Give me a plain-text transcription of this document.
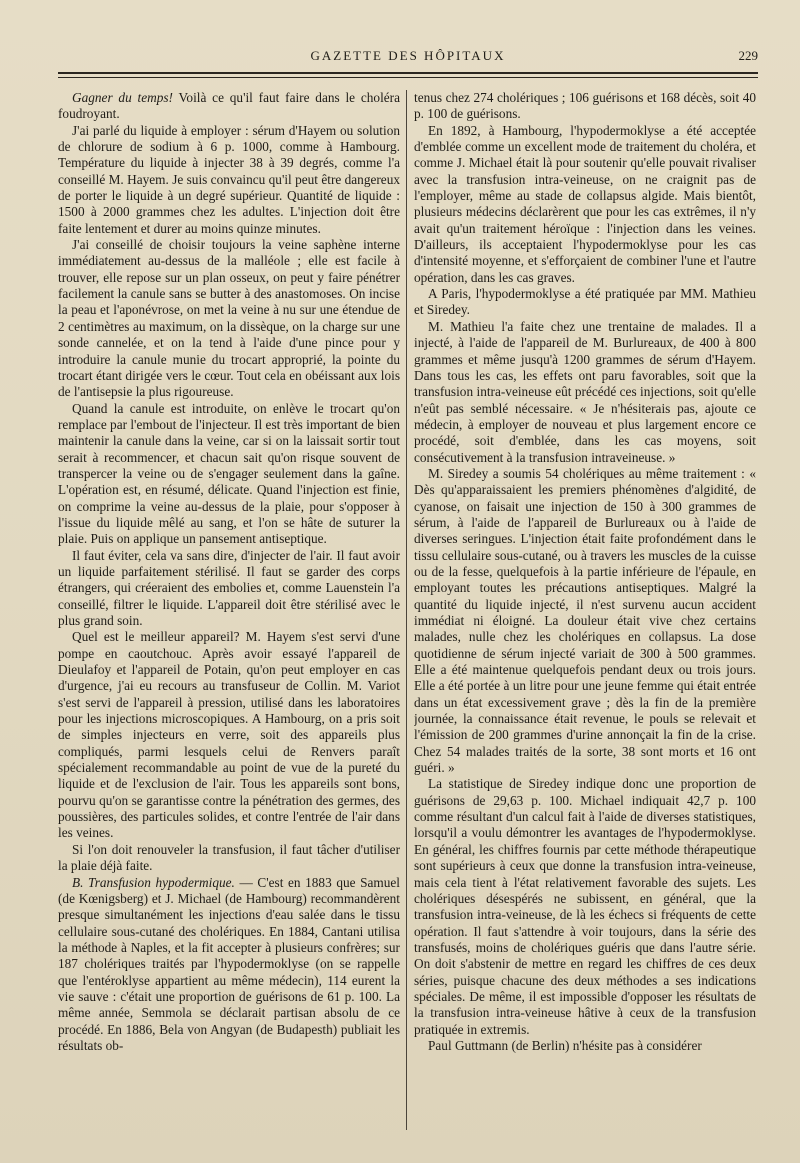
GAZETTE DES HÔPITAUX	229

Gagner du temps! Voilà ce qu'il faut faire dans le choléra foudroyant.

J'ai parlé du liquide à employer : sérum d'Hayem ou solution de chlorure de sodium à 6 p. 1000, comme à Hambourg. Température du liquide à injecter 38 à 39 degrés, comme l'a conseillé M. Hayem. Je suis convaincu qu'il peut être dangereux de porter le liquide à un degré supérieur. Quantité de liquide : 1500 à 2000 grammes chez les adultes. L'injection doit être faite lentement et durer au moins quinze minutes.

J'ai conseillé de choisir toujours la veine saphène interne immédiatement au-dessus de la malléole ; elle est facile à trouver, elle repose sur un plan osseux, on peut y faire pénétrer facilement la canule sans se butter à des anastomoses. On incise la peau et l'aponévrose, on met la veine à nu sur une étendue de 2 centimètres au maximum, on la dissèque, on la charge sur une sonde cannelée, et on la tend à l'aide d'une pince pour y introduire la canule munie du trocart approprié, la pointe du trocart étant dirigée vers le cœur. Tout cela en obéissant aux lois de l'antisepsie la plus rigoureuse.

Quand la canule est introduite, on enlève le trocart qu'on remplace par l'embout de l'injecteur. Il est très important de bien maintenir la canule dans la veine, car si on la laissait sortir tout serait à recommencer, et chacun sait qu'on risque souvent de transpercer la veine ou de s'engager seulement dans la gaîne. L'opération est, en résumé, délicate. Quand l'injection est finie, on comprime la veine au-dessus de la plaie, pour s'opposer à l'issue du liquide mêlé au sang, et l'on se hâte de suturer la plaie. Puis on applique un pansement antiseptique.

Il faut éviter, cela va sans dire, d'injecter de l'air. Il faut avoir un liquide parfaitement stérilisé. Il faut se garder des corps étrangers, qui créeraient des embolies et, comme Lauenstein l'a conseillé, filtrer le liquide. L'appareil doit être stérilisé avec le plus grand soin.

Quel est le meilleur appareil? M. Hayem s'est servi d'une pompe en caoutchouc. Après avoir essayé l'appareil de Dieulafoy et l'appareil de Potain, qu'on peut employer en cas d'urgence, j'ai eu recours au transfuseur de Collin. M. Variot s'est servi de l'appareil à pression, utilisé dans les laboratoires pour les injections microscopiques. A Hambourg, on a pris soit de simples injecteurs en verre, soit des appareils plus compliqués, parmi lesquels celui de Renvers paraît spécialement recommandable au point de vue de la pureté du liquide et de l'exclusion de l'air. Tous les appareils sont bons, pourvu qu'on se garantisse contre la pénétration des germes, des poussières, des particules solides, et contre l'entrée de l'air dans les veines.

Si l'on doit renouveler la transfusion, il faut tâcher d'utiliser la plaie déjà faite.

B. Transfusion hypodermique. — C'est en 1883 que Samuel (de Kœnigsberg) et J. Michael (de Hambourg) recommandèrent presque simultanément les injections d'eau salée dans le tissu cellulaire sous-cutané des cholériques. En 1884, Cantani utilisa la méthode à Naples, et la fit accepter à plusieurs confrères; sur 187 cholériques traités par l'hypodermoklyse (on se rappelle que l'entéroklyse appartient au même médecin), 114 eurent la vie sauve : c'était une proportion de guérisons de 61 p. 100. La même année, Semmola se déclarait partisan absolu de ce procédé. En 1886, Bela von Angyan (de Budapesth) publiait les résultats ob-

tenus chez 274 cholériques ; 106 guérisons et 168 décès, soit 40 p. 100 de guérisons.

En 1892, à Hambourg, l'hypodermoklyse a été acceptée d'emblée comme un excellent mode de traitement du choléra, et comme J. Michael était là pour soutenir qu'elle pouvait rivaliser avec la transfusion intra-veineuse, on ne craignit pas de l'employer, même au stade de collapsus algide. Mais bientôt, plusieurs médecins déclarèrent que pour les cas extrêmes, il n'y avait qu'un traitement héroïque : l'injection dans les veines. D'ailleurs, ils acceptaient l'hypodermoklyse pour les cas d'intensité moyenne, et s'efforçaient de combiner l'une et l'autre opération, dans les cas graves.

A Paris, l'hypodermoklyse a été pratiquée par MM. Mathieu et Siredey.

M. Mathieu l'a faite chez une trentaine de malades. Il a injecté, à l'aide de l'appareil de M. Burlureaux, de 400 à 800 grammes et même jusqu'à 1200 grammes de sérum d'Hayem. Dans tous les cas, les effets ont paru favorables, soit que la transfusion intra-veineuse eût précédé ces injections, soit qu'elle n'eût pas semblé nécessaire. « Je n'hésiterais pas, ajoute ce médecin, à employer de nouveau et plus largement encore ce procédé, soit d'emblée, dans les cas moyens, soit consécutivement à la transfusion intraveineuse. »

M. Siredey a soumis 54 cholériques au même traitement : « Dès qu'apparaissaient les premiers phénomènes d'algidité, de cyanose, on faisait une injection de 150 à 300 grammes de sérum, à l'aide de l'appareil de Burlureaux ou à l'aide de diverses seringues. L'injection était faite profondément dans le tissu cellulaire sous-cutané, ou à travers les muscles de la cuisse ou de la fesse, quelquefois à la partie inférieure de l'épaule, en employant toutes les précautions antiseptiques. Malgré la quantité du liquide injecté, il n'est survenu aucun accident immédiat ni éloigné. La douleur était vive chez certains malades, nulle chez les cholériques en collapsus. La dose quotidienne de sérum injecté variait de 300 à 500 grammes. Elle a été maintenue quelquefois pendant deux ou trois jours. Elle a été portée à un litre pour une jeune femme qui était entrée dans un état excessivement grave ; dès la fin de la première journée, la connaissance était revenue, le pouls se relevait et l'émission de 200 grammes d'urine annonçait la fin de la crise. Chez 54 malades traités de la sorte, 38 sont morts et 16 ont guéri. »

La statistique de Siredey indique donc une proportion de guérisons de 29,63 p. 100. Michael indiquait 42,7 p. 100 comme résultant d'un calcul fait à l'aide de diverses statistiques, lorsqu'il a voulu démontrer les avantages de l'hypodermoklyse. En général, les chiffres fournis par cette méthode thérapeutique sont supérieurs à ceux que donne la transfusion intra-veineuse, mais cela tient à l'état relativement favorable des sujets. Les cholériques désespérés ne subissent, en général, que la transfusion intra-veineuse, de là les échecs si fréquents de cette opération. Il faut s'attendre à voir toujours, dans la série des transfusés, moins de cholériques guéris que dans l'autre série. On doit s'abstenir de mettre en regard les chiffres de ces deux séries, puisque chacune des deux méthodes a ses indications spéciales. De même, il est impossible d'opposer les résultats de la transfusion intra-veineuse hâtive à ceux de la transfusion pratiquée in extremis.

Paul Guttmann (de Berlin) n'hésite pas à considérer
